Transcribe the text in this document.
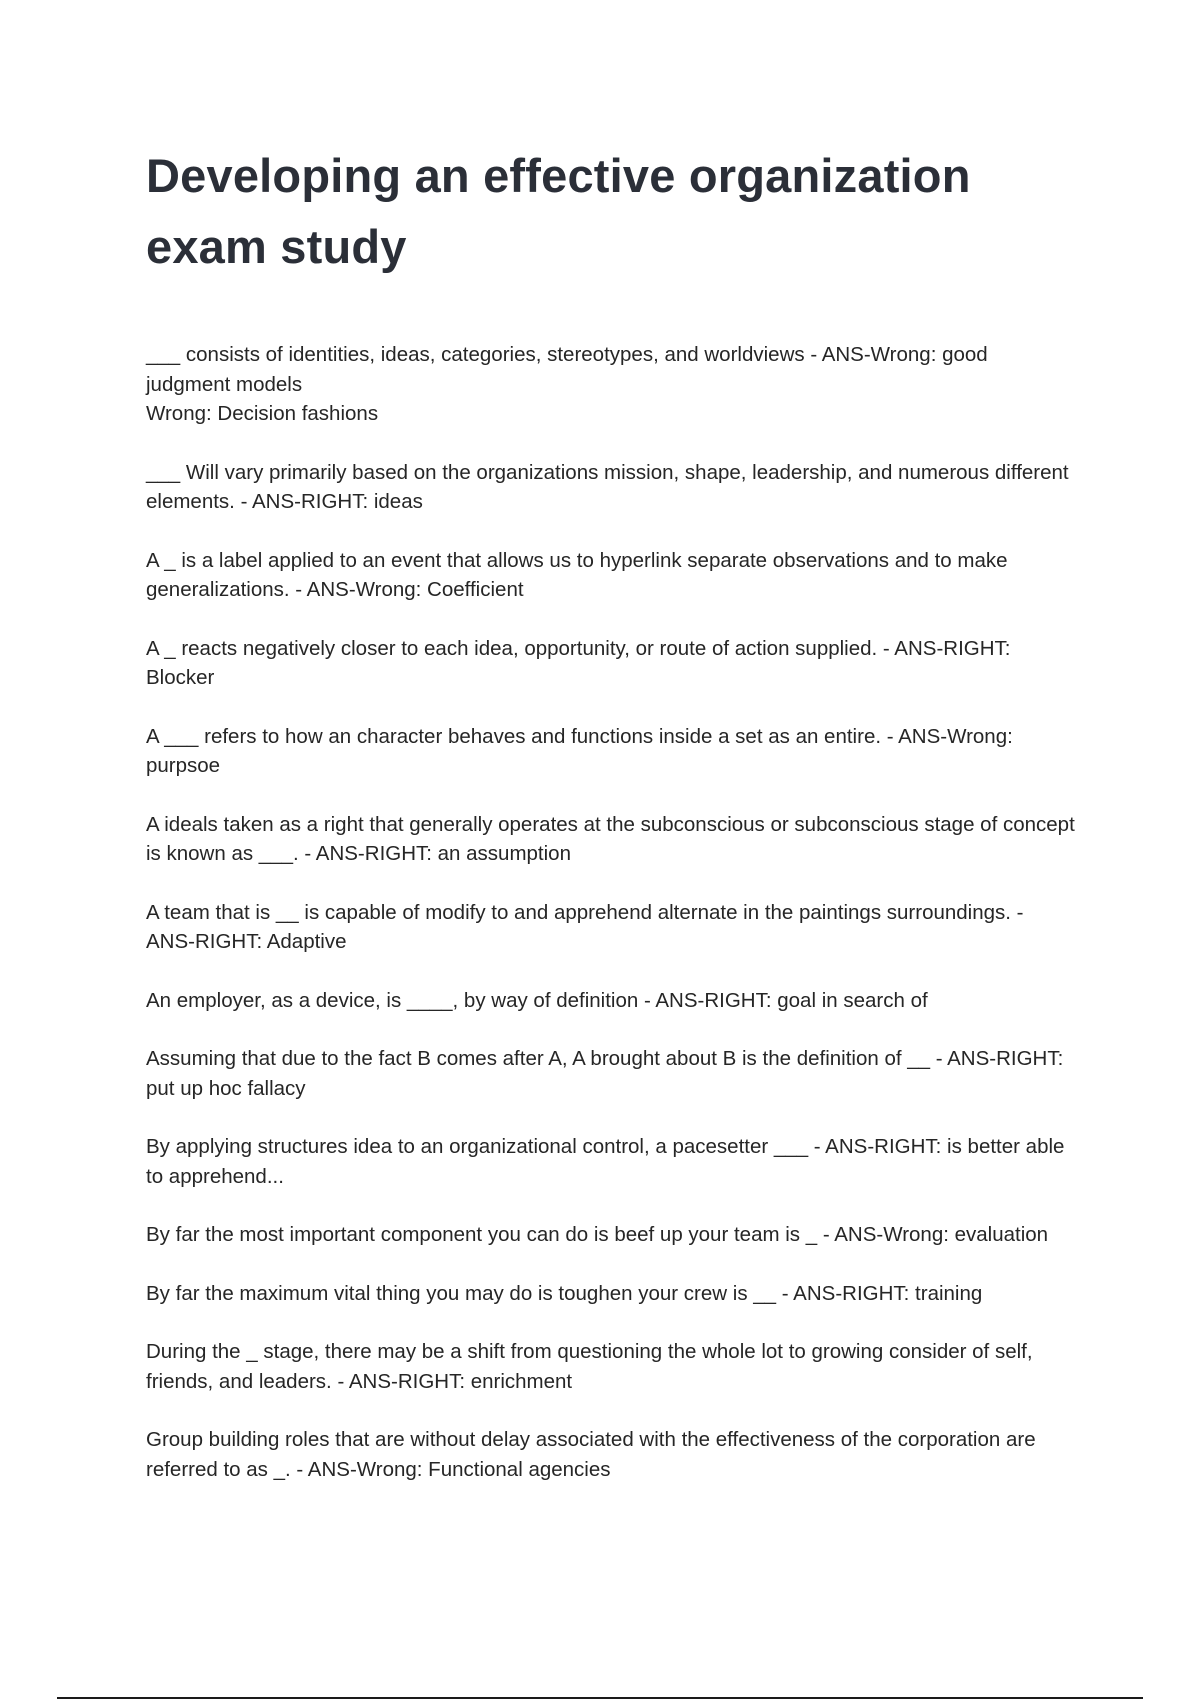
Developing an effective organization exam study
___ consists of identities, ideas, categories, stereotypes, and worldviews - ANS-Wrong: good judgment models
Wrong: Decision fashions
___ Will vary primarily based on the organizations mission, shape, leadership, and numerous different elements. - ANS-RIGHT: ideas
A _ is a label applied to an event that allows us to hyperlink separate observations and to make generalizations. - ANS-Wrong: Coefficient
A _ reacts negatively closer to each idea, opportunity, or route of action supplied. - ANS-RIGHT: Blocker
A ___ refers to how an character behaves and functions inside a set as an entire. - ANS-Wrong: purpsoe
A ideals taken as a right that generally operates at the subconscious or subconscious stage of concept is known as ___. - ANS-RIGHT: an assumption
A team that is __ is capable of modify to and apprehend alternate in the paintings surroundings. - ANS-RIGHT: Adaptive
An employer, as a device, is ____, by way of definition - ANS-RIGHT: goal in search of
Assuming that due to the fact B comes after A, A brought about B is the definition of __ - ANS-RIGHT: put up hoc fallacy
By applying structures idea to an organizational control, a pacesetter ___ - ANS-RIGHT: is better able to apprehend...
By far the most important component you can do is beef up your team is _ - ANS-Wrong: evaluation
By far the maximum vital thing you may do is toughen your crew is __ - ANS-RIGHT: training
During the _ stage, there may be a shift from questioning the whole lot to growing consider of self, friends, and leaders. - ANS-RIGHT: enrichment
Group building roles that are without delay associated with the effectiveness of the corporation are referred to as _. - ANS-Wrong: Functional agencies
